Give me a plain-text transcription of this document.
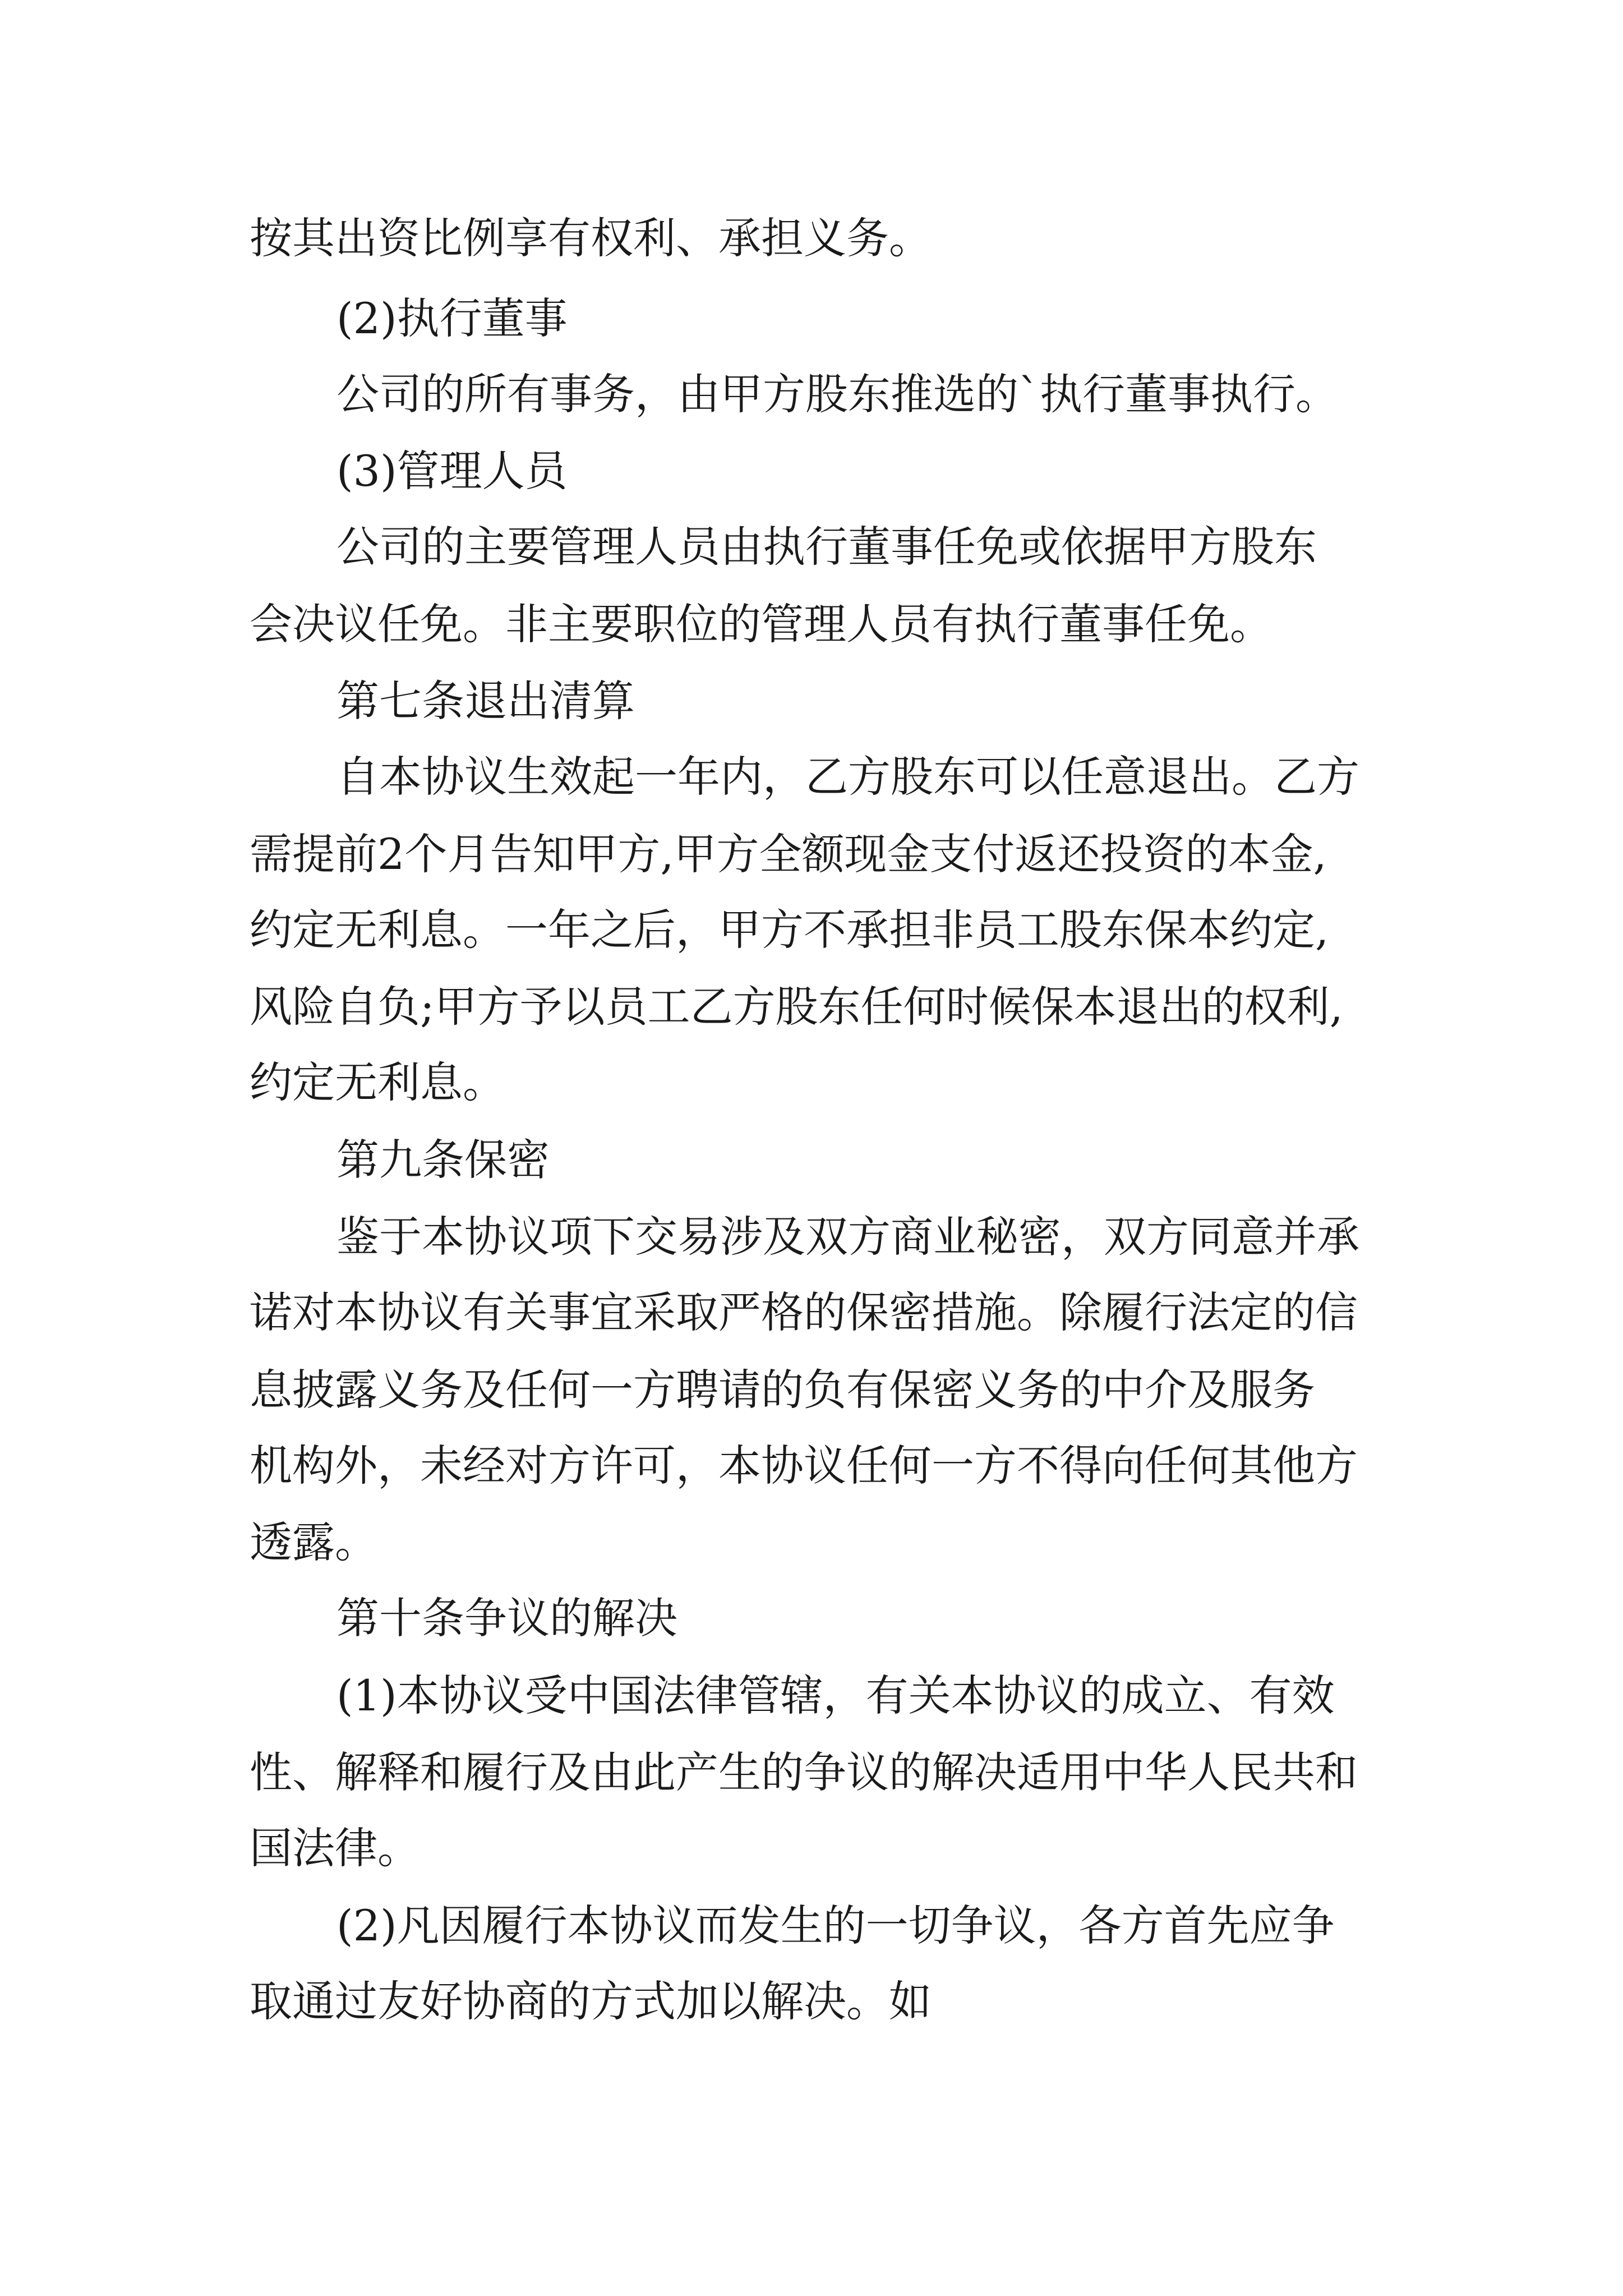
按其出资比例享有权利、承担义务。
(2)执行董事
公司的所有事务，由甲方股东推选的`执行董事执行。
(3)管理人员
公司的主要管理人员由执行董事任免或依据甲方股东
会决议任免。非主要职位的管理人员有执行董事任免。
第七条退出清算
自本协议生效起一年内，乙方股东可以任意退出。乙方
需提前2个月告知甲方,甲方全额现金支付返还投资的本金,
约定无利息。一年之后，甲方不承担非员工股东保本约定,
风险自负;甲方予以员工乙方股东任何时候保本退出的权利,
约定无利息。
第九条保密
鉴于本协议项下交易涉及双方商业秘密，双方同意并承
诺对本协议有关事宜采取严格的保密措施。除履行法定的信
息披露义务及任何一方聘请的负有保密义务的中介及服务
机构外，未经对方许可，本协议任何一方不得向任何其他方
透露。
第十条争议的解决
(1)本协议受中国法律管辖，有关本协议的成立、有效
性、解释和履行及由此产生的争议的解决适用中华人民共和
国法律。
(2)凡因履行本协议而发生的一切争议，各方首先应争
取通过友好协商的方式加以解决。如
